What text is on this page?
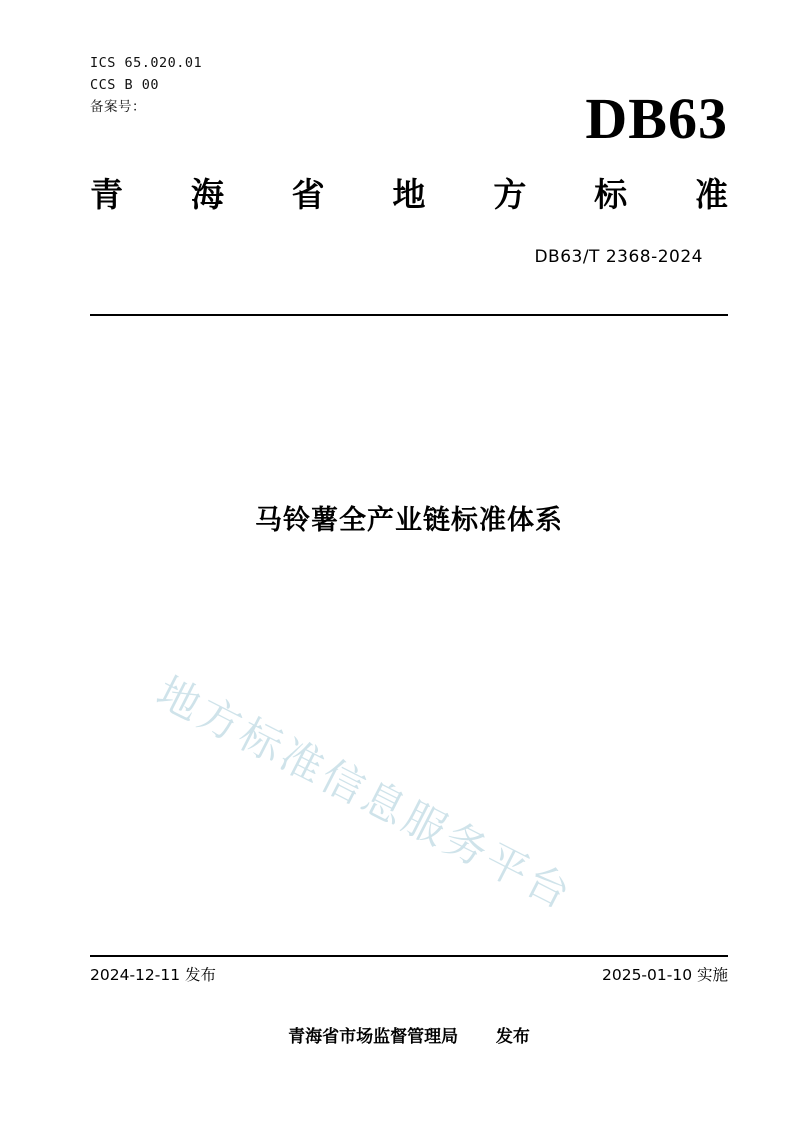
ICS 65.020.01
CCS B 00
备案号：	DB63
青 海 省 地 方 标 准
DB63/T 2368-2024
马铃薯全产业链标准体系
地方标准信息服务平台
2024-12-11 发布	2025-01-10 实施
青海省市场监督管理局 发布
